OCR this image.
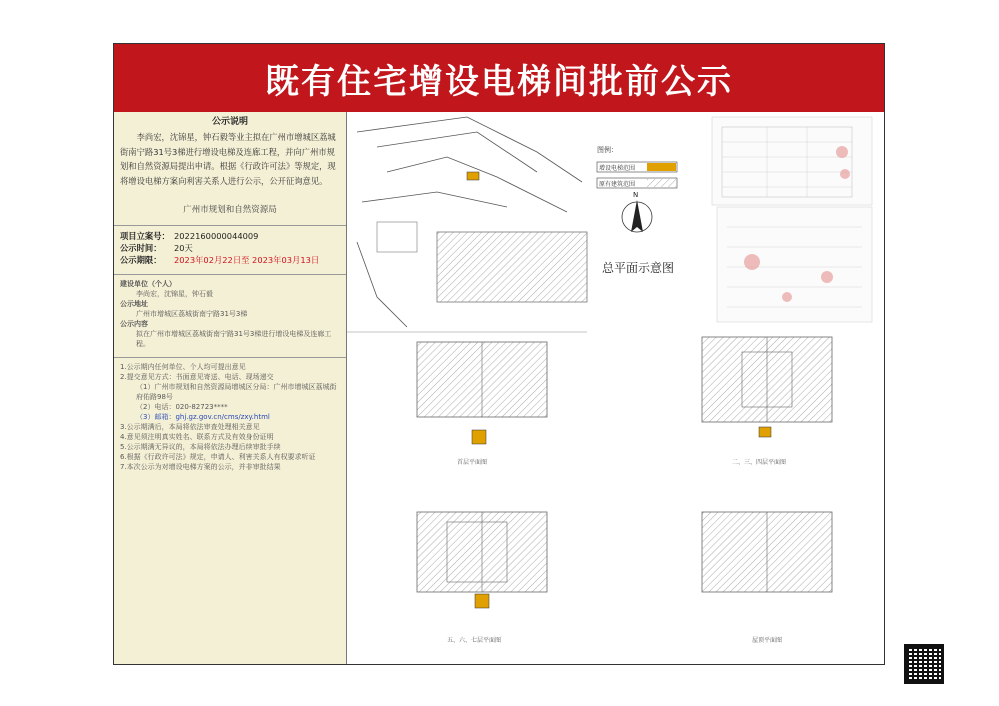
既有住宅增设电梯间批前公示
公示说明
李尚宏，沈锦星，钟石毅等业主拟在广州市增城区荔城街南宁路31号3梯进行增设电梯及连廊工程，并向广州市规划和自然资源局提出申请。根据《行政许可法》等规定，现将增设电梯方案向利害关系人进行公示，公开征询意见。
广州市规划和自然资源局
项目立案号： 2022160000044009
公示时间：	20天
公示期限：	2023年02月22日至 2023年03月13日
建设单位（个人）
李尚宏，沈锦星，钟石毅
公示地址
广州市增城区荔城街南宁路31号3梯
公示内容
拟在广州市增城区荔城街南宁路31号3梯进行增设电梯及连廊工程。
1.公示期内任何单位、个人均可提出意见
2.提交意见方式：书面意见寄送、电话、现场递交
（1）广州市规划和自然资源局增城区分局：广州市增城区荔城街府佑路98号
（2）电话：020-82723****
（3）邮箱：ghj.gz.gov.cn/cms/zxy.html
3.公示期满后，本局将依法审查处理相关意见
4.意见须注明真实姓名、联系方式及有效身份证明
5.公示期满无异议的，本局将依法办理后续审批手续
6.根据《行政许可法》规定，申请人、利害关系人有权要求听证
7.本次公示为对增设电梯方案的公示，并非审批结果
图例：
增设电梯范围
原有建筑范围
N
总平面示意图
首层平面图	二、三、四层平面图
五、六、七层平面图	屋顶平面图
